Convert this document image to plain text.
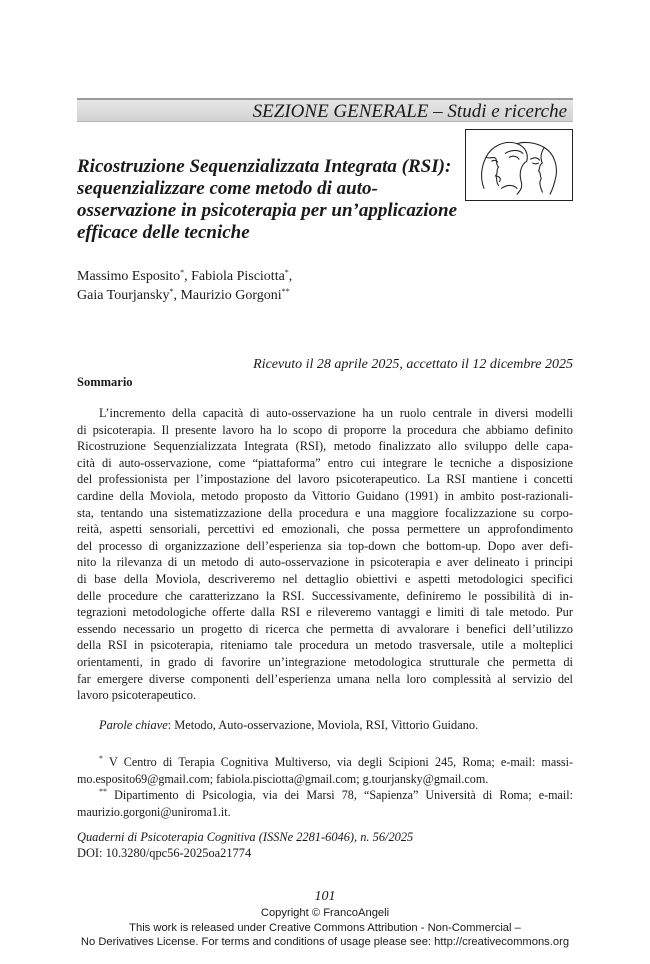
SEZIONE GENERALE – Studi e ricerche
Ricostruzione Sequenzializzata Integrata (RSI): sequenzializzare come metodo di auto-osservazione in psicoterapia per un’applicazione efficace delle tecniche
Massimo Esposito*, Fabiola Pisciotta*,
Gaia Tourjansky*, Maurizio Gorgoni**
Ricevuto il 28 aprile 2025, accettato il 12 dicembre 2025
Sommario
L’incremento della capacità di auto-osservazione ha un ruolo centrale in diversi modelli
di psicoterapia. Il presente lavoro ha lo scopo di proporre la procedura che abbiamo definito
Ricostruzione Sequenzializzata Integrata (RSI), metodo finalizzato allo sviluppo delle capa-
cità di auto-osservazione, come “piattaforma” entro cui integrare le tecniche a disposizione
del professionista per l’impostazione del lavoro psicoterapeutico. La RSI mantiene i concetti
cardine della Moviola, metodo proposto da Vittorio Guidano (1991) in ambito post-razionali-
sta, tentando una sistematizzazione della procedura e una maggiore focalizzazione su corpo-
reità, aspetti sensoriali, percettivi ed emozionali, che possa permettere un approfondimento
del processo di organizzazione dell’esperienza sia top-down che bottom-up. Dopo aver defi-
nito la rilevanza di un metodo di auto-osservazione in psicoterapia e aver delineato i principi
di base della Moviola, descriveremo nel dettaglio obiettivi e aspetti metodologici specifici
delle procedure che caratterizzano la RSI. Successivamente, definiremo le possibilità di in-
tegrazioni metodologiche offerte dalla RSI e rileveremo vantaggi e limiti di tale metodo. Pur
essendo necessario un progetto di ricerca che permetta di avvalorare i benefici dell’utilizzo
della RSI in psicoterapia, riteniamo tale procedura un metodo trasversale, utile a molteplici
orientamenti, in grado di favorire un’integrazione metodologica strutturale che permetta di
far emergere diverse componenti dell’esperienza umana nella loro complessità al servizio del
lavoro psicoterapeutico.
Parole chiave: Metodo, Auto-osservazione, Moviola, RSI, Vittorio Guidano.
* V Centro di Terapia Cognitiva Multiverso, via degli Scipioni 245, Roma; e-mail: massi-
mo.esposito69@gmail.com; fabiola.pisciotta@gmail.com; g.tourjansky@gmail.com.
** Dipartimento di Psicologia, via dei Marsi 78, “Sapienza” Università di Roma; e-mail:
maurizio.gorgoni@uniroma1.it.
Quaderni di Psicoterapia Cognitiva (ISSNe 2281-6046), n. 56/2025
DOI: 10.3280/qpc56-2025oa21774
101
Copyright © FrancoAngeli
This work is released under Creative Commons Attribution - Non-Commercial –
No Derivatives License. For terms and conditions of usage please see: http://creativecommons.org
